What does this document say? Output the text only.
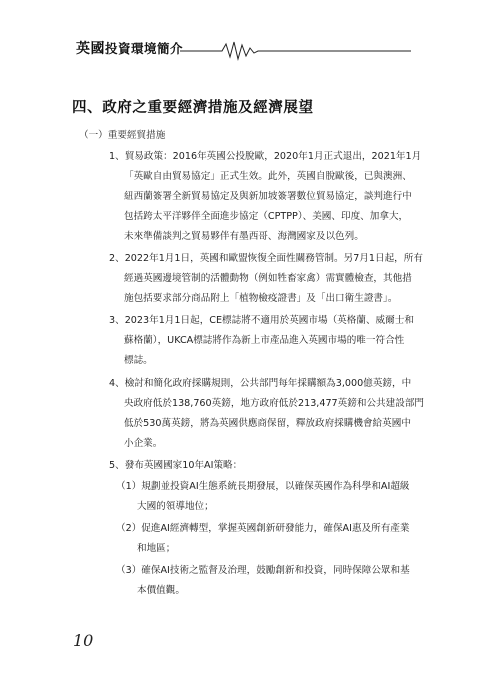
英國投資環境簡介
四、政府之重要經濟措施及經濟展望
（一）重要經貿措施
1、貿易政策：2016年英國公投脫歐，2020年1月正式退出，2021年1月
「英歐自由貿易協定」正式生效。此外，英國自脫歐後，已與澳洲、
紐西蘭簽署全新貿易協定及與新加坡簽署數位貿易協定，談判進行中
包括跨太平洋夥伴全面進步協定（CPTPP）、美國、印度、加拿大，
未來準備談判之貿易夥伴有墨西哥、海灣國家及以色列。
2、2022年1月1日，英國和歐盟恢復全面性關務管制。另7月1日起，所有
經過英國邊境管制的活體動物（例如牲畜家禽）需實體檢查，其他措
施包括要求部分商品附上「植物檢疫證書」及「出口衛生證書」。
3、2023年1月1日起，CE標誌將不適用於英國市場（英格蘭、威爾士和
蘇格蘭），UKCA標誌將作為新上市產品進入英國市場的唯一符合性
標誌。
4、檢討和簡化政府採購規則，公共部門每年採購額為3,000億英鎊，中
央政府低於138,760英鎊，地方政府低於213,477英鎊和公共建設部門
低於530萬英鎊，將為英國供應商保留，釋放政府採購機會給英國中
小企業。
5、發布英國國家10年AI策略：
（1）規劃並投資AI生態系統長期發展，以確保英國作為科學和AI超級
大國的領導地位；
（2）促進AI經濟轉型，掌握英國創新研發能力，確保AI惠及所有產業
和地區；
（3）確保AI技術之監督及治理，鼓勵創新和投資，同時保障公眾和基
本價值觀。
10
